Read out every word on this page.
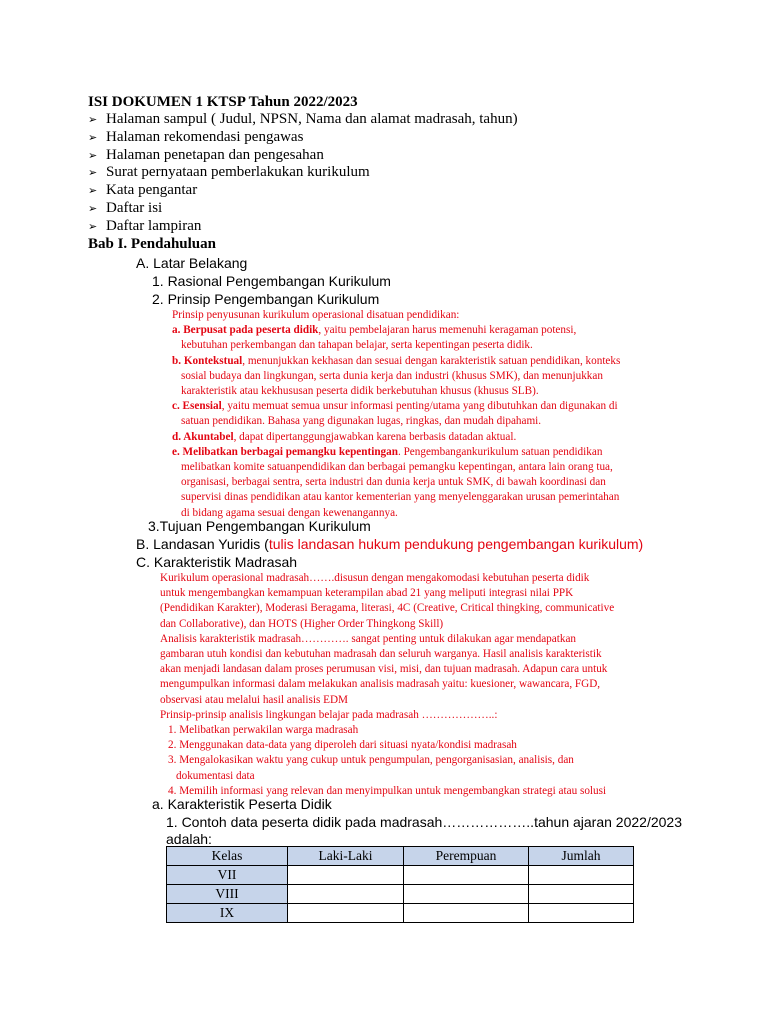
ISI DOKUMEN 1 KTSP Tahun 2022/2023
➢ Halaman sampul ( Judul, NPSN, Nama dan alamat madrasah, tahun)
➢ Halaman rekomendasi pengawas
➢ Halaman penetapan dan pengesahan
➢ Surat pernyataan pemberlakukan kurikulum
➢ Kata pengantar
➢ Daftar isi
➢ Daftar lampiran
Bab I. Pendahuluan
A. Latar Belakang
1. Rasional Pengembangan Kurikulum
2. Prinsip Pengembangan Kurikulum

Prinsip penyusunan kurikulum operasional disatuan pendidikan:

a. Berpusat pada peserta didik, yaitu pembelajaran harus memenuhi keragaman potensi,
kebutuhan perkembangan dan tahapan belajar, serta kepentingan peserta didik.
b. Kontekstual, menunjukkan kekhasan dan sesuai dengan karakteristik satuan pendidikan, konteks
sosial budaya dan lingkungan, serta dunia kerja dan industri (khusus SMK), dan menunjukkan
karakteristik atau kekhususan peserta didik berkebutuhan khusus (khusus SLB).
c. Esensial, yaitu memuat semua unsur informasi penting/utama yang dibutuhkan dan digunakan di
satuan pendidikan. Bahasa yang digunakan lugas, ringkas, dan mudah dipahami.
d. Akuntabel, dapat dipertanggungjawabkan karena berbasis datadan aktual.
e. Melibatkan berbagai pemangku kepentingan. Pengembangankurikulum satuan pendidikan
melibatkan komite satuanpendidikan dan berbagai pemangku kepentingan, antara lain orang tua,
organisasi, berbagai sentra, serta industri dan dunia kerja untuk SMK, di bawah koordinasi dan
supervisi dinas pendidikan atau kantor kementerian yang menyelenggarakan urusan pemerintahan
di bidang agama sesuai dengan kewenangannya.
3.Tujuan Pengembangan Kurikulum
B. Landasan Yuridis (tulis landasan hukum pendukung pengembangan kurikulum)
C. Karakteristik Madrasah

Kurikulum operasional madrasah…….disusun dengan mengakomodasi kebutuhan peserta didik

untuk mengembangkan kemampuan keterampilan abad 21 yang meliputi integrasi nilai PPK

(Pendidikan Karakter), Moderasi Beragama, literasi, 4C (Creative, Critical thingking, communicative

dan Collaborative), dan HOTS (Higher Order Thingkong Skill)

Analisis karakteristik madrasah…………. sangat penting untuk dilakukan agar mendapatkan

gambaran utuh kondisi dan kebutuhan madrasah dan seluruh warganya. Hasil analisis karakteristik

akan menjadi landasan dalam proses perumusan visi, misi, dan tujuan madrasah. Adapun cara untuk

mengumpulkan informasi dalam melakukan analisis madrasah yaitu: kuesioner, wawancara, FGD,

observasi atau melalui hasil analisis EDM

Prinsip-prinsip analisis lingkungan belajar pada madrasah ………………..:

1. Melibatkan perwakilan warga madrasah
2. Menggunakan data-data yang diperoleh dari situasi nyata/kondisi madrasah
3. Mengalokasikan waktu yang cukup untuk pengumpulan, pengorganisasian, analisis, dan
dokumentasi data
4. Memilih informasi yang relevan dan menyimpulkan untuk mengembangkan strategi atau solusi
a. Karakteristik Peserta Didik
1. Contoh data peserta didik pada madrasah………………..tahun ajaran 2022/2023
adalah:
Kelas	Laki-Laki	Perempuan	Jumlah
VII			
VIII			
IX			
